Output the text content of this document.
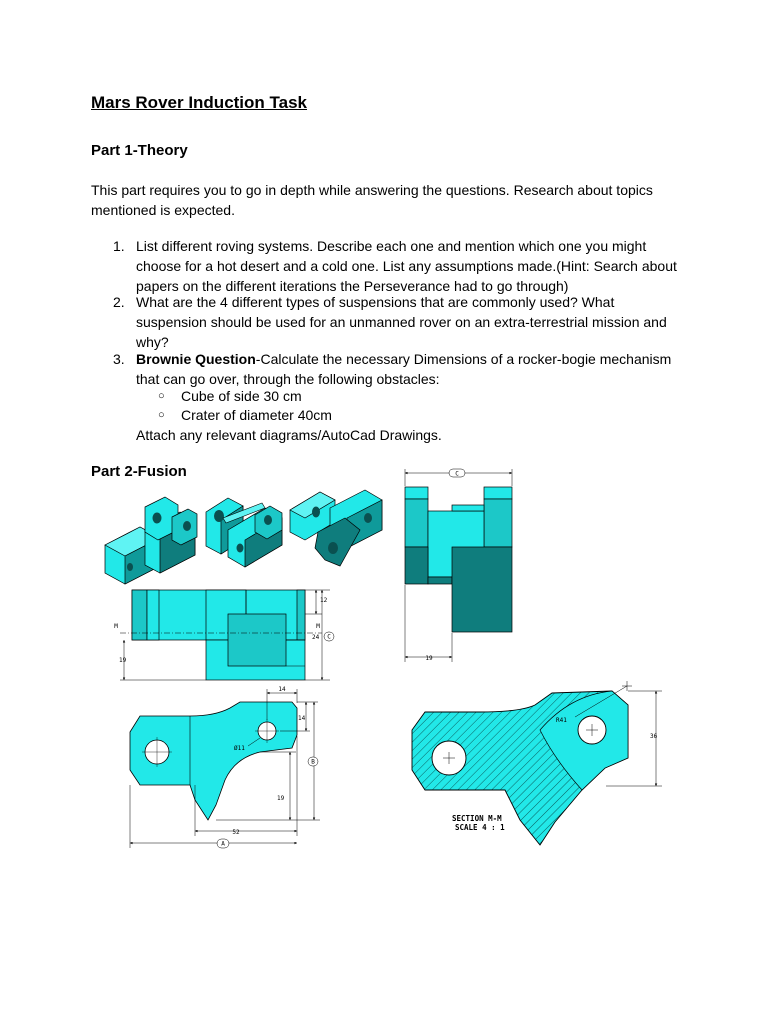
Mars Rover Induction Task
Part 1-Theory
This part requires you to go in depth while answering the questions. Research about topics
mentioned is expected.
1. List different roving systems. Describe each one and mention which one you might
choose for a hot desert and a cold one. List any assumptions made.(Hint: Search about
papers on the different iterations the Perseverance had to go through)
2. What are the 4 different types of suspensions that are commonly used? What
suspension should be used for an unmanned rover on an extra-terrestrial mission and
why?
3. Brownie Question-Calculate the necessary Dimensions of a rocker-bogie mechanism
that can go over, through the following obstacles:
○ Cube of side 30 cm
○ Crater of diameter 40cm
Attach any relevant diagrams/AutoCad Drawings.
Part 2-Fusion	C
19
M	M
12
24 C
19
Ø11
14
14
B
19
52
A
R41
36
SECTION M-M
SCALE 4 : 1
